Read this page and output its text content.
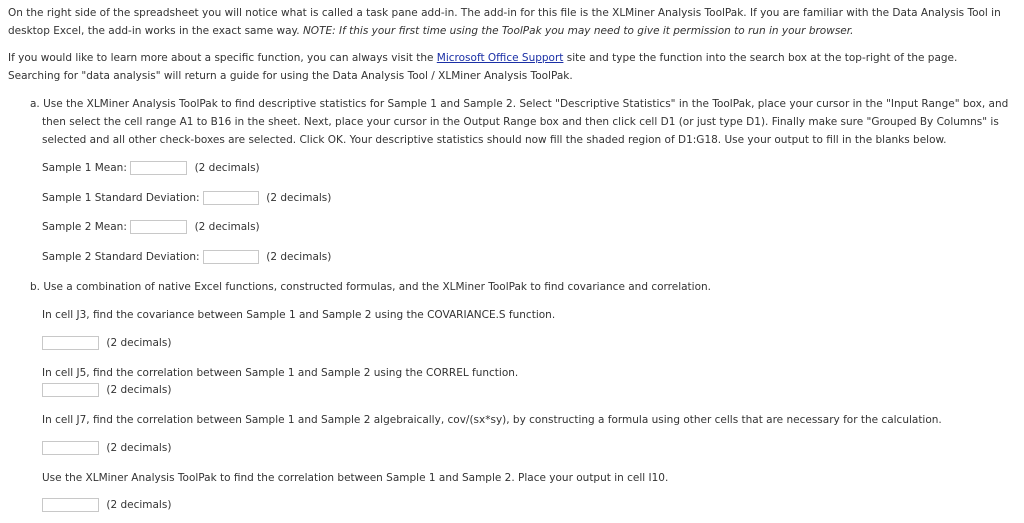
On the right side of the spreadsheet you will notice what is called a task pane add-in. The add-in for this file is the XLMiner Analysis ToolPak. If you are familiar with the Data Analysis Tool in desktop Excel, the add-in works in the exact same way. NOTE: If this your first time using the ToolPak you may need to give it permission to run in your browser.

If you would like to learn more about a specific function, you can always visit the Microsoft Office Support site and type the function into the search box at the top-right of the page. Searching for "data analysis" will return a guide for using the Data Analysis Tool / XLMiner Analysis ToolPak.

a. Use the XLMiner Analysis ToolPak to find descriptive statistics for Sample 1 and Sample 2. Select "Descriptive Statistics" in the ToolPak, place your cursor in the "Input Range" box, and
then select the cell range A1 to B16 in the sheet. Next, place your cursor in the Output Range box and then click cell D1 (or just type D1). Finally make sure "Grouped By Columns" is
selected and all other check-boxes are selected. Click OK. Your descriptive statistics should now fill the shaded region of D1:G18. Use your output to fill in the blanks below.
Sample 1 Mean:	(2 decimals)
Sample 1 Standard Deviation:	(2 decimals)
Sample 2 Mean:	(2 decimals)
Sample 2 Standard Deviation:	(2 decimals)
b. Use a combination of native Excel functions, constructed formulas, and the XLMiner ToolPak to find covariance and correlation.
In cell J3, find the covariance between Sample 1 and Sample 2 using the COVARIANCE.S function.
(2 decimals)
In cell J5, find the correlation between Sample 1 and Sample 2 using the CORREL function.
(2 decimals)
In cell J7, find the correlation between Sample 1 and Sample 2 algebraically, cov/(sx*sy), by constructing a formula using other cells that are necessary for the calculation.
(2 decimals)
Use the XLMiner Analysis ToolPak to find the correlation between Sample 1 and Sample 2. Place your output in cell I10.
(2 decimals)
